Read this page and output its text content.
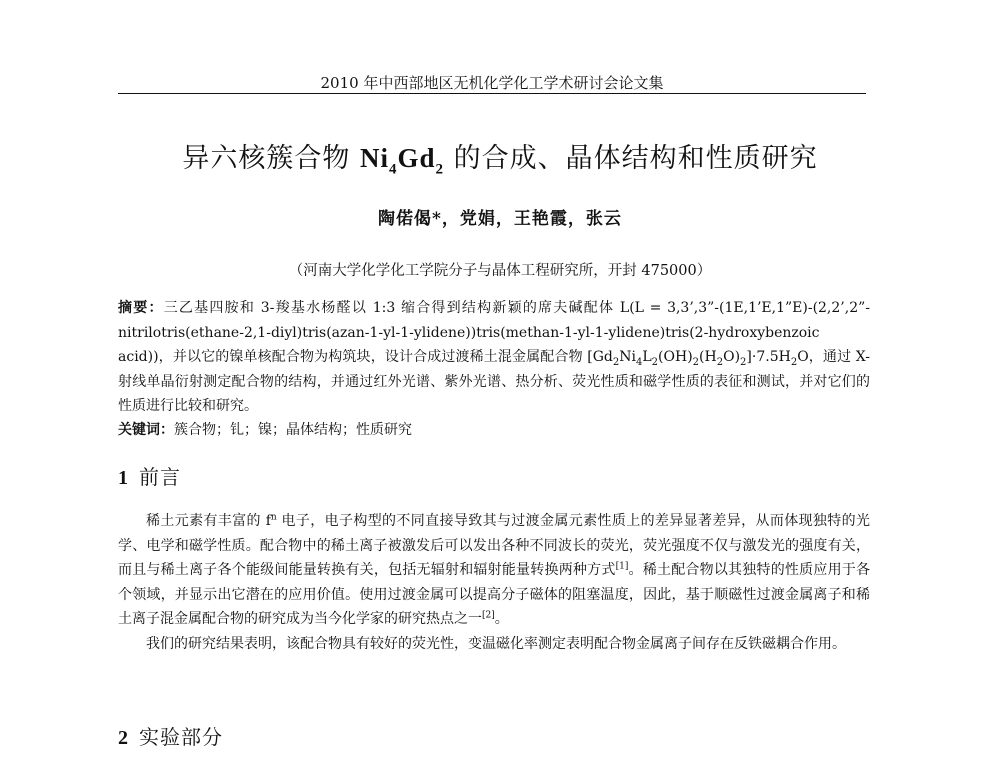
2010 年中西部地区无机化学化工学术研讨会论文集
异六核簇合物 $Ni_4Gd_2$ 的合成、晶体结构和性质研究
陶偌偈*，党娟，王艳霞，张云
（河南大学化学化工学院分子与晶体工程研究所，开封 475000）
摘要：三乙基四胺和 3-羧基水杨醛以 1:3 缩合得到结构新颖的席夫碱配体 L(L = 3,3’,3”-(1E,1’E,1”E)-(2,2’,2”-nitrilotris(ethane-2,1-diyl)tris(azan-1-yl-1-ylidene))tris(methan-1-yl-1-ylidene)tris(2-hydroxybenzoic acid))，并以它的镍单核配合物为构筑块，设计合成过渡稀土混金属配合物 $[Gd_2Ni_4L_2(OH)_2(H_2O)_2]\cdot 7.5H_2O$，通过 X-射线单晶衍射测定配合物的结构，并通过红外光谱、紫外光谱、热分析、荧光性质和磁学性质的表征和测试，并对它们的性质进行比较和研究。
关键词：簇合物；钆；镍；晶体结构；性质研究
1 前言

稀土元素有丰富的 $f^n$ 电子，电子构型的不同直接导致其与过渡金属元素性质上的差异显著差异，从而体现独特的光学、电学和磁学性质。配合物中的稀土离子被激发后可以发出各种不同波长的荧光，荧光强度不仅与激发光的强度有关，而且与稀土离子各个能级间能量转换有关，包括无辐射和辐射能量转换两种方式[1]。稀土配合物以其独特的性质应用于各个领域，并显示出它潜在的应用价值。使用过渡金属可以提高分子磁体的阻塞温度，因此，基于顺磁性过渡金属离子和稀土离子混金属配合物的研究成为当今化学家的研究热点之一[2]。

我们的研究结果表明，该配合物具有较好的荧光性，变温磁化率测定表明配合物金属离子间存在反铁磁耦合作用。

2 实验部分
